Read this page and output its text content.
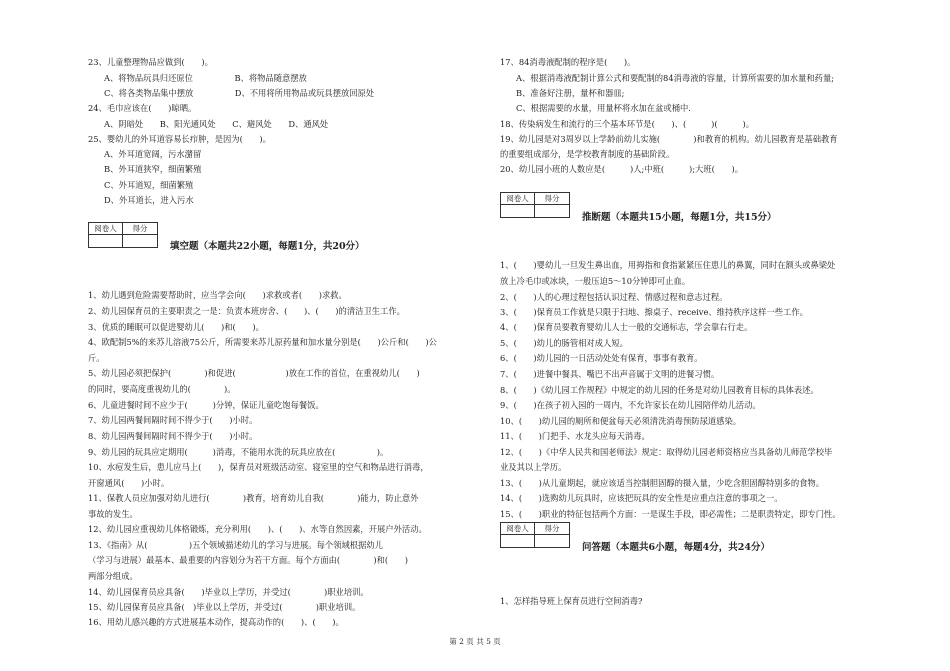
23、儿童整理物品应做到(　　)。
A、将物品玩具归还原位　　　　　B、将物品随意摆放
C、将各类物品集中摆放　　　　　D、不用将所用物品或玩具摆放回原处
24、毛巾应该在(　　)晾晒。
A、阴暗处　　B、阳光通风处　　C、避风处　　D、通风处
25、婴幼儿的外耳道容易长疖肿，是因为(　　)。
A、外耳道宽阔，污水潴留
B、外耳道狭窄，细菌繁殖
C、外耳道短，细菌繁殖
D、外耳道长，进入污水
阅卷人	得分
填空题（本题共22小题，每题1分，共20分）
1、幼儿遇到危险需要帮助时，应当学会向(　　)求救或者(　　)求救。
2、幼儿园保育员的主要职责之一是：负责本班房舍、(　　)、(　　)的清洁卫生工作。
3、优质的睡眠可以促进婴幼儿(　　)和(　　)。
4、欧配制5%的来苏儿溶液75公斤，所需要来苏儿原药量和加水量分别是(　　)公斤和(　　)公
斤。
5、幼儿园必须把保护(　　　　)和促进(　　　　　　)放在工作的首位，在重视幼儿(　　)
的同时，要高度重视幼儿的(　　　　)。
6、儿童进餐时间不应少于(　　　)分钟，保证儿童吃饱每餐饭。
7、幼儿园两餐间隔时间不得少于(　　)小时。
8、幼儿园两餐间隔时间不得少于(　　)小时。
9、幼儿园的玩具应定期用(　　　)消毒，不能用水洗的玩具应放在(　　　　　)。
10、水痘发生后，患儿应马上(　　)，保育员对班级活动室、寝室里的空气和物品进行消毒，
开窗通风(　　)小时。
11、保教人员应加强对幼儿进行(　　　　)教育，培育幼儿自我(　　　　)能力，防止意外
事故的发生。
12、幼儿园应重视幼儿体格锻炼，充分利用(　　)、(　　)、水等自然因素，开展户外活动。
13、《指南》从(　　　　　)五个领域描述幼儿的学习与进展。每个领域根据幼儿
（学习与进展）最基本、最重要的内容划分为若干方面。每个方面由(　　　　)和(　　)
两部分组成。
14、幼儿园保育员应具备(　　)毕业以上学历，并受过(　　　　)职业培训。
15、幼儿园保育员应具备(　)毕业以上学历，并受过(　　　　)职业培训。
16、用幼儿感兴趣的方式进展基本动作，提高动作的(　　)、(　　)。
17、84消毒液配制的程序是(　　)。
A、根据消毒液配制计算公式和要配制的84消毒液的容量，计算所需要的加水量和药量;
B、准备好注册，量杯和器皿;
C、根据需要的水量，用量杯将水加在盆或桶中.
18、传染病发生和流行的三个基本环节是(　　)、(　　　)(　　　)。
19、幼儿园是对3周岁以上学龄前幼儿实施(　　　　)和教育的机构。幼儿园教育是基础教育
的重要组成部分，是学校教育制度的基础阶段。
20、幼儿园小班的人数应是(　　　)人;中班(　　　);大班(　　)。
阅卷人	得分
推断题（本题共15小题，每题1分，共15分）
1、(　　)婴幼儿一旦发生鼻出血，用拇指和食指紧紧压住患儿的鼻翼，同时在额头或鼻梁处
放上冷毛巾或冰块，一般压迫5～10分钟即可止血。
2、(　　)人的心理过程包括认识过程、情感过程和意志过程。
3、(　　)保育员工作就是只限于扫地、擦桌子、receive、维持秩序这样一些工作。
4、(　　)保育员要教育婴幼儿人士一般的交通标志，学会靠右行走。
5、(　　)幼儿的肠管相对成人短。
6、(　　)幼儿园的一日活动处处有保育，事事有教育。
7、(　　)进餐中餐具、嘴巴不出声音属于文明的进餐习惯。
8、(　　)《幼儿园工作规程》中规定的幼儿园的任务是对幼儿园教育目标的具体表述。
9、(　　)在孩子初入园的一周内，不允许家长在幼儿园陪伴幼儿活动。
10、(　　)幼儿园的厕所和便盆每天必须清洗消毒预防尿道感染。
11、(　　)门把手、水龙头应每天消毒。
12、(　　)《中华人民共和国老师法》规定：取得幼儿园老师资格应当具备幼儿师范学校毕
业及其以上学历。
13、(　　)从儿童期起，就应该适当控制胆固醇的摄入量，少吃含胆固醇特别多的食物。
14、(　　)选购幼儿玩具时，应该把玩具的安全性是应重点注意的事项之一。
15、(　　)职业的特征包括两个方面：一是谋生手段，即必需性；二是职责特定，即专门性。
阅卷人	得分
问答题（本题共6小题，每题4分，共24分）
1、怎样指导班上保育员进行空间消毒?
第 2 页 共 5 页
